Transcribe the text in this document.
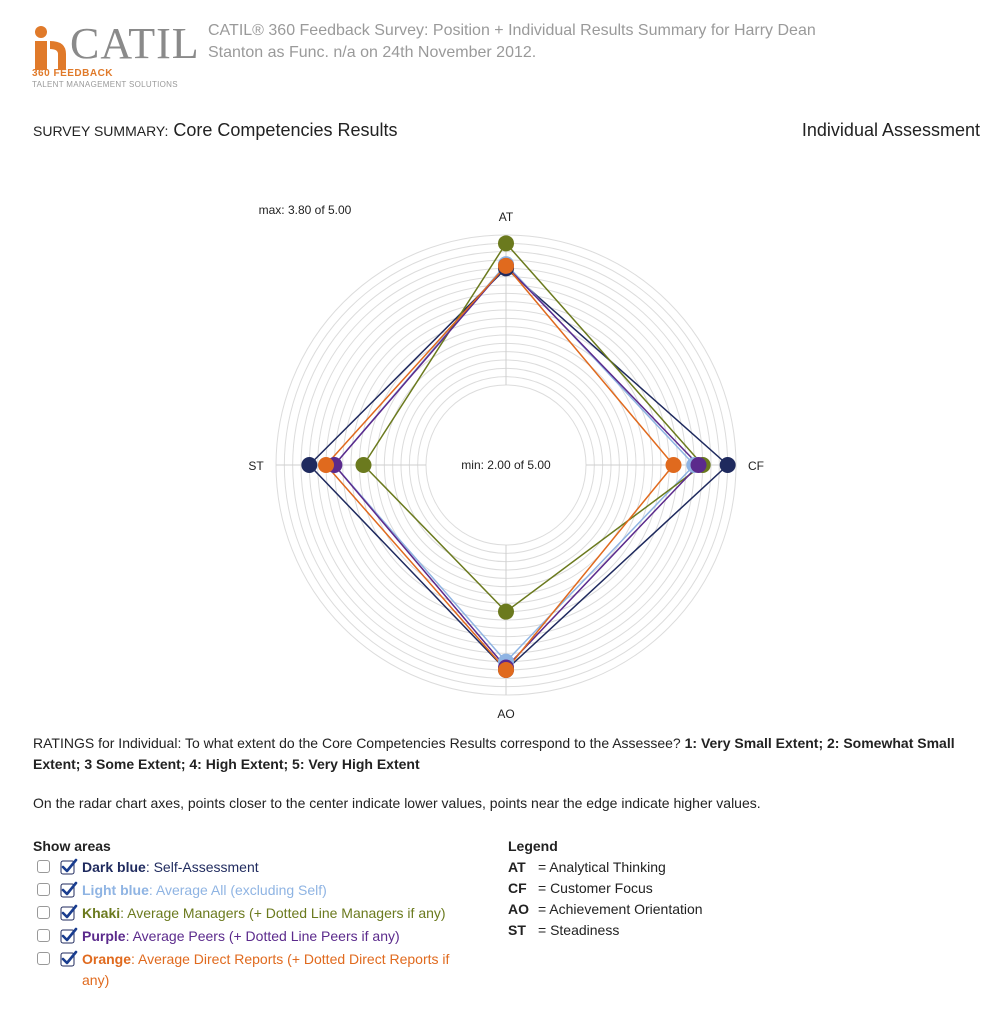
CATIL
360 FEEDBACK
TALENT MANAGEMENT SOLUTIONS
CATIL® 360 Feedback Survey: Position + Individual Results Summary for Harry Dean Stanton as Func. n/a on 24th November 2012.
SURVEY SUMMARY: Core Competencies Results	Individual Assessment
max: 3.80 of 5.00
min: 2.00 of 5.00
AT
CF
AO
ST
RATINGS for Individual: To what extent do the Core Competencies Results correspond to the Assessee? 1: Very Small Extent; 2: Somewhat Small Extent; 3 Some Extent; 4: High Extent; 5: Very High Extent
On the radar chart axes, points closer to the center indicate lower values, points near the edge indicate higher values.
Show areas
Dark blue: Self-Assessment
Light blue: Average All (excluding Self)
Khaki: Average Managers (+ Dotted Line Managers if any)
Purple: Average Peers (+ Dotted Line Peers if any)
Orange: Average Direct Reports (+ Dotted Direct Reports if any)
Legend
AT = Analytical Thinking
CF = Customer Focus
AO = Achievement Orientation
ST = Steadiness
